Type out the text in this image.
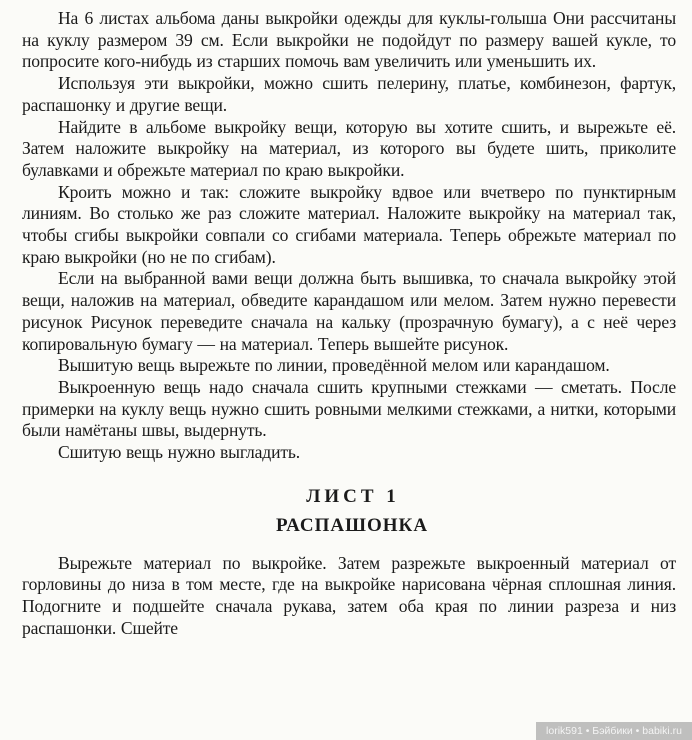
На 6 листах альбома даны выкройки одежды для куклы-голыша Они рассчитаны на куклу размером 39 см. Если выкройки не подойдут по размеру вашей кукле, то попросите кого-нибудь из старших помочь вам увеличить или уменьшить их.

Используя эти выкройки, можно сшить пелерину, платье, комбинезон, фартук, распашонку и другие вещи.

Найдите в альбоме выкройку вещи, которую вы хотите сшить, и вырежьте её. Затем наложите выкройку на материал, из которого вы будете шить, приколите булавками и обрежьте материал по краю выкройки.

Кроить можно и так: сложите выкройку вдвое или вчетверо по пунктирным линиям. Во столько же раз сложите материал. Наложите выкройку на материал так, чтобы сгибы выкройки совпали со сгибами материала. Теперь обрежьте материал по краю выкройки (но не по сгибам).

Если на выбранной вами вещи должна быть вышивка, то сначала выкройку этой вещи, наложив на материал, обведите карандашом или мелом. Затем нужно перевести рисунок Рисунок переведите сначала на кальку (прозрачную бумагу), а с неё через копировальную бумагу — на материал. Теперь вышейте рисунок.

Вышитую вещь вырежьте по линии, проведённой мелом или карандашом.

Выкроенную вещь надо сначала сшить крупными стежками — сметать. После примерки на куклу вещь нужно сшить ровными мелкими стежками, а нитки, которыми были намётаны швы, выдернуть.

Сшитую вещь нужно выгладить.

ЛИСТ 1
РАСПАШОНКА

Вырежьте материал по выкройке. Затем разрежьте выкроенный материал от горловины до низа в том месте, где на выкройке нарисована чёрная сплошная линия. Подогните и подшейте сначала рукава, затем оба края по линии разреза и низ распашонки. Сшейте

lorik591 • Бэйбики • babiki.ru
